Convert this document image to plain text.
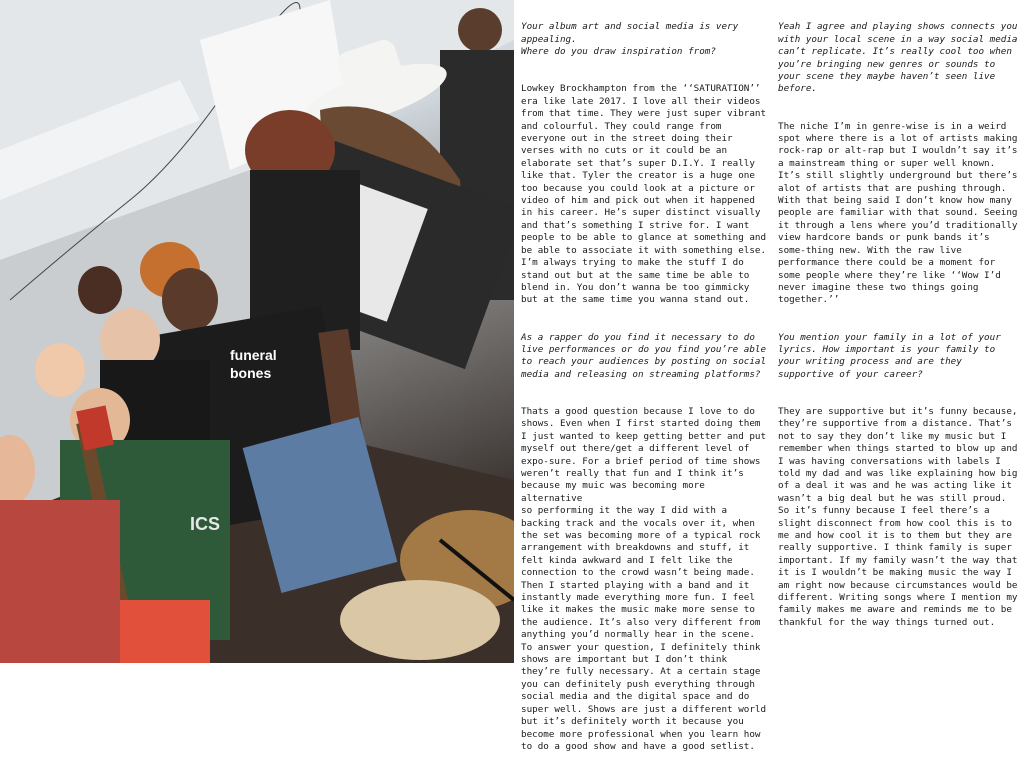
funeral
bones
ICS

Your album art and social media is very appealing.
Where do you draw inspiration from?

Lowkey Brockhampton from the ‘‘SATURATION’’ era like late 2017. I love all their videos from that time. They were just super vibrant and colourful. They could range from everyone out in the street doing their verses with no cuts or it could be an elaborate set that’s super D.I.Y. I really like that. Tyler the creator is a huge one too because you could look at a picture or video of him and pick out when it happened in his career. He’s super distinct visually and that’s something I strive for. I want people to be able to glance at something and be able to associate it with something else. I’m always trying to make the stuff I do stand out but at the same time be able to blend in. You don’t wanna be too gimmicky but at the same time you wanna stand out.

As a rapper do you find it necessary to do live performances or do you find you’re able to reach your audiences by posting on social media and releasing on streaming platforms?

Thats a good question because I love to do shows. Even when I first started doing them I just wanted to keep getting better and put myself out there/get a different level of expo-sure. For a brief period of time shows weren’t really that fun and I think it’s because my muic was becoming more alternative
so performing it the way I did with a backing track and the vocals over it, when the set was becoming more of a typical rock arrangement with breakdowns and stuff, it felt kinda awkward and I felt like the connection to the crowd wasn’t being made. Then I started playing with a band and it instantly made everything more fun. I feel like it makes the music make more sense to the audience. It’s also very different from anything you’d normally hear in the scene. To answer your question, I definitely think shows are important but I don’t think they’re fully necessary. At a certain stage you can definitely push everything through social media and the digital space and do super well. Shows are just a different world but it’s definitely worth it because you become more professional when you learn how to do a good show and have a good setlist.

Yeah I agree and playing shows connects you with your local scene in a way social media can’t replicate. It’s really cool too when you’re bringing new genres or sounds to your scene they maybe haven’t seen live before.

The niche I’m in genre-wise is in a weird spot where there is a lot of artists making rock-rap or alt-rap but I wouldn’t say it’s a mainstream thing or super well known. It’s still slightly underground but there’s alot of artists that are pushing through. With that being said I don’t know how many people are familiar with that sound. Seeing it through a lens where you’d traditionally view hardcore bands or punk bands it’s some-thing new. With the raw live performance there could be a moment for some people where they’re like ‘‘Wow I’d never imagine these two things going together.’’

You mention your family in a lot of your lyrics. How important is your family to your writing process and are they supportive of your career?

They are supportive but it’s funny because, they’re supportive from a distance. That’s not to say they don’t like my music but I remember when things started to blow up and I was having conversations with labels I told my dad and was like explaining how big of a deal it was and he was acting like it wasn’t a big deal but he was still proud. So it’s funny because I feel there’s a
slight disconnect from how cool this is to me and how cool it is to them but they are really supportive. I think family is super important. If my family wasn’t the way that it is I wouldn’t be making music the way I am right now because circumstances would be different. Writing songs where I mention my family makes me aware and reminds me to be thankful for the way things turned out.
